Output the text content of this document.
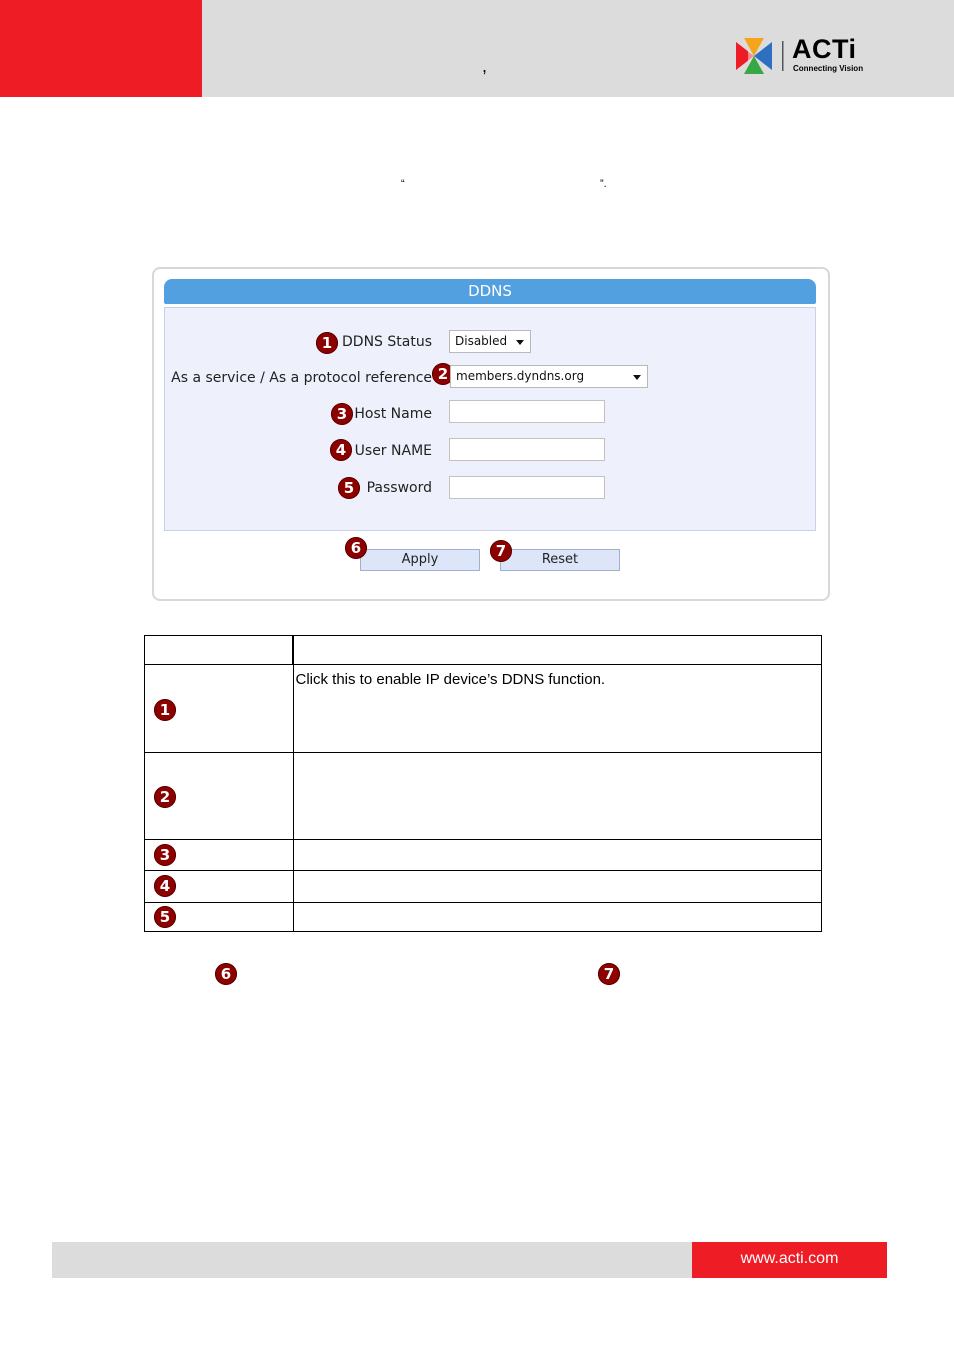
,
ACTi
Connecting Vision
“	”.
DDNS
1 DDNS Status	Disabled
As a service / As a protocol reference 2 members.dyndns.org
3 Host Name
4 User NAME
5 Password
Apply
6
Reset
7

1	Click this to enable IP device’s DDNS function.

2	

3	

4	

5	

6	7
www.acti.com
